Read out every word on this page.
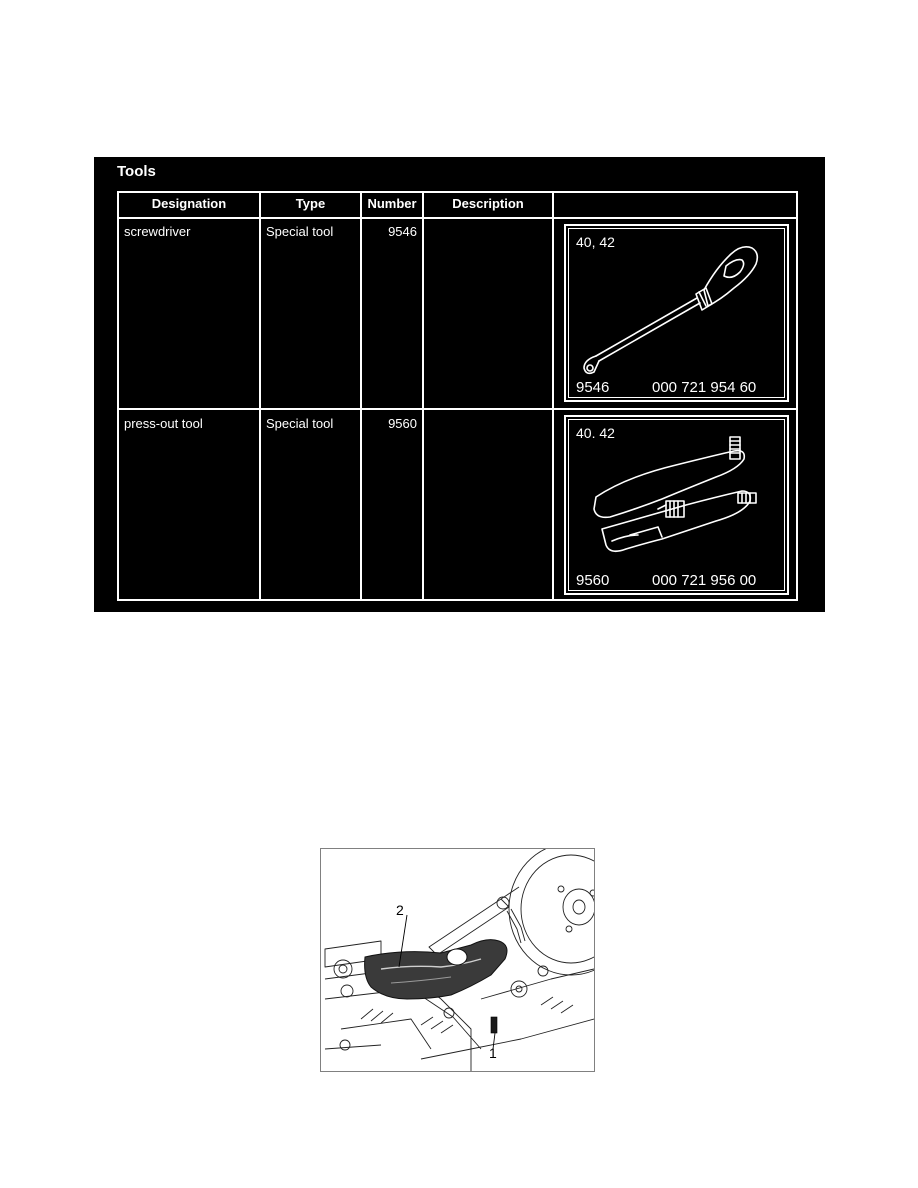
Tools
Designation	Type	Number	Description
screwdriver	Special tool	9546
40, 42
9546	000 721 954 60
press-out tool	Special tool	9560
40. 42
9560	000 721 956 00
2
1
